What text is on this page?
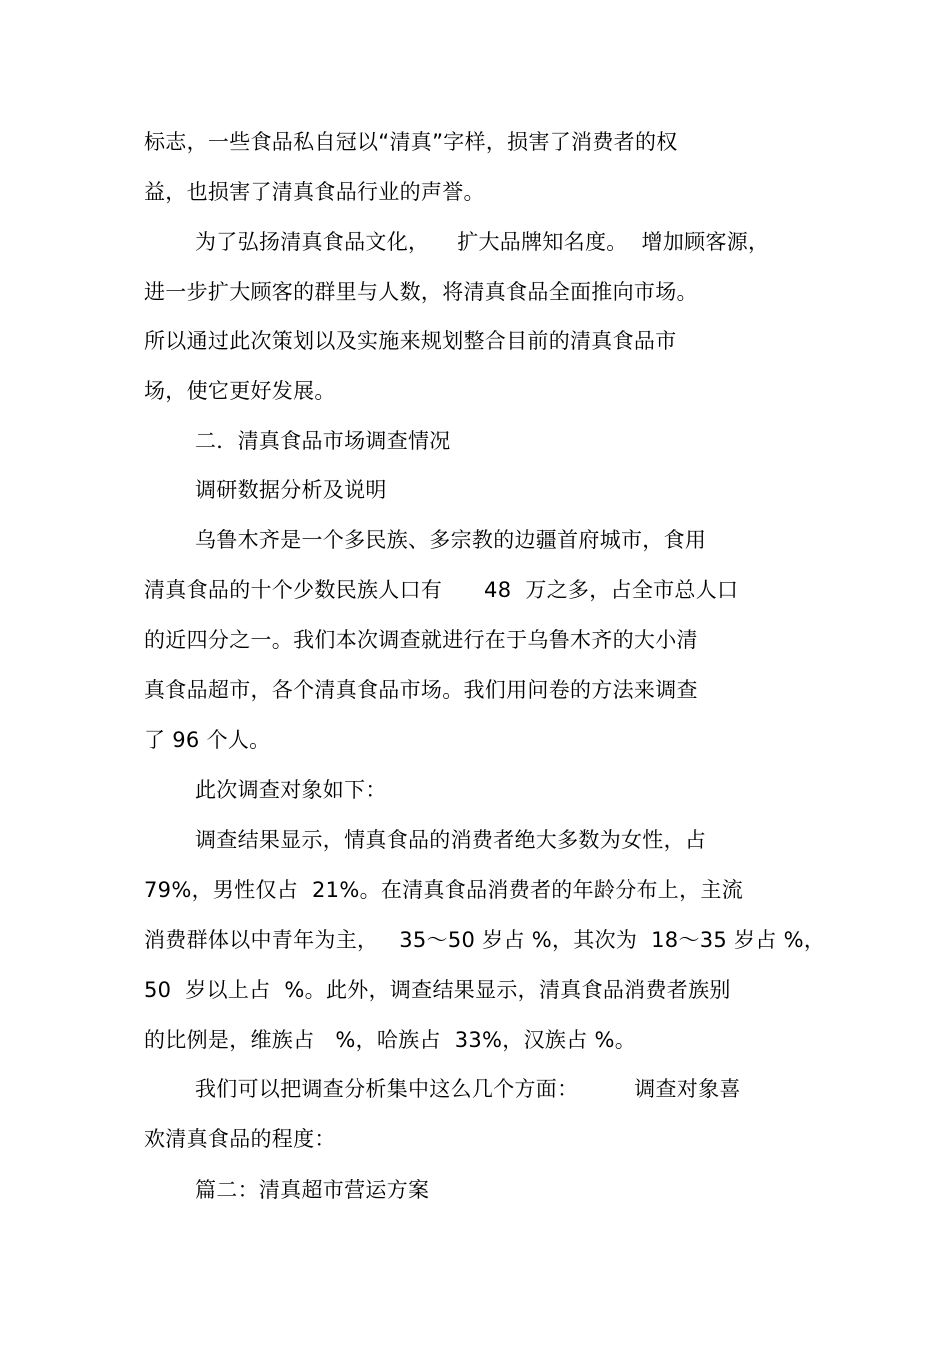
标志，一些食品私自冠以“清真”字样，损害了消费者的权
益，也损害了清真食品行业的声誉。
为了弘扬清真食品文化，    扩大品牌知名度。  增加顾客源，
进一步扩大顾客的群里与人数，将清真食品全面推向市场。
所以通过此次策划以及实施来规划整合目前的清真食品市
场，使它更好发展。
二．清真食品市场调查情况
调研数据分析及说明
乌鲁木齐是一个多民族、多宗教的边疆首府城市，食用
清真食品的十个少数民族人口有      48  万之多，占全市总人口
的近四分之一。我们本次调查就进行在于乌鲁木齐的大小清
真食品超市，各个清真食品市场。我们用问卷的方法来调查
了 96 个人。
此次调查对象如下：
调查结果显示，情真食品的消费者绝大多数为女性，占
79%，男性仅占  21%。在清真食品消费者的年龄分布上，主流
消费群体以中青年为主，   35～50 岁占 %，其次为  18～35 岁占 %，
50  岁以上占  %。此外，调查结果显示，清真食品消费者族别
的比例是，维族占   %，哈族占  33%，汉族占 %。
我们可以把调查分析集中这么几个方面：        调查对象喜
欢清真食品的程度：
篇二：清真超市营运方案
